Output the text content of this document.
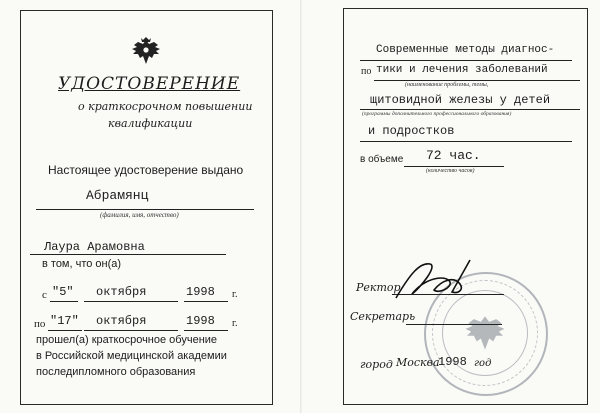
УДОСТОВЕРЕНИЕ
о краткосрочном повышении
квалификации
Настоящее удостоверение выдано
Абрамянц
(фамилия, имя, отчество)
Лаура Арамовна
в том, что он(а)
с "5" октября	1998 г.
по "17" октября	1998 г.
прошел(а) краткосрочное обучение
в Российской медицинской академии
последипломного образования
Современные методы диагнос-
по тики и лечения заболеваний
(наименование проблемы, темы,
щитовидной железы у детей
(программы дополнительного профессионального образования)
и подростков
в объеме 72 час.
(количество часов)
Ректор
Секретарь
город Москва
1998 год
